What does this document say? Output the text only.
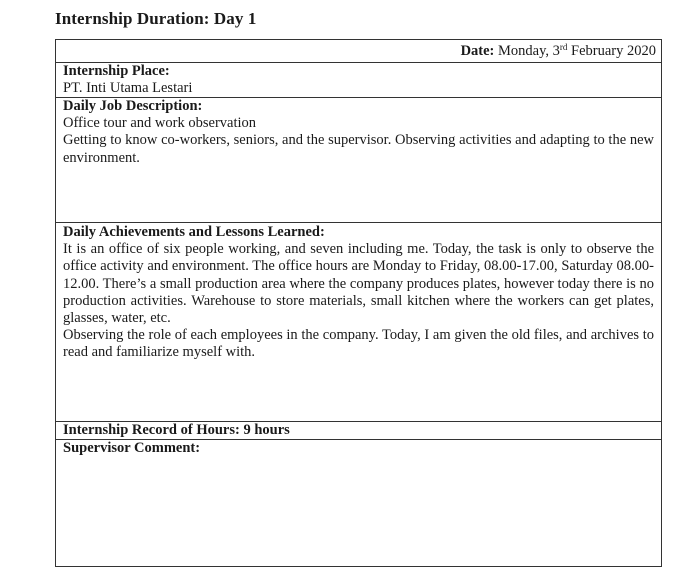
Internship Duration: Day 1
Date: Monday, 3rd February 2020
Internship Place:
PT. Inti Utama Lestari
Daily Job Description:
Office tour and work observation
Getting to know co-workers, seniors, and the supervisor. Observing activities and adapting to the new environment.
Daily Achievements and Lessons Learned:
It is an office of six people working, and seven including me. Today, the task is only to observe the office activity and environment. The office hours are Monday to Friday, 08.00-17.00, Saturday 08.00-12.00. There’s a small production area where the company produces plates, however today there is no production activities. Warehouse to store materials, small kitchen where the workers can get plates, glasses, water, etc.
Observing the role of each employees in the company. Today, I am given the old files, and archives to read and familiarize myself with.
Internship Record of Hours: 9 hours
Supervisor Comment:
